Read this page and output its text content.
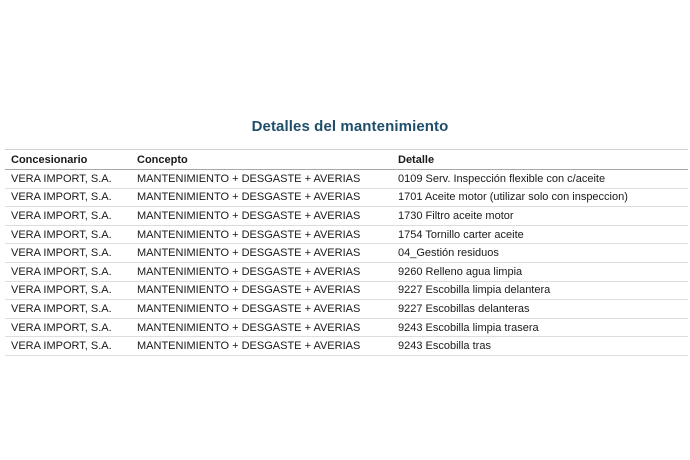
Detalles del mantenimiento
Concesionario	Concepto	Detalle
VERA IMPORT, S.A.	MANTENIMIENTO + DESGASTE + AVERIAS	0109 Serv. Inspección flexible con c/aceite
VERA IMPORT, S.A.	MANTENIMIENTO + DESGASTE + AVERIAS	1701 Aceite motor (utilizar solo con inspeccion)
VERA IMPORT, S.A.	MANTENIMIENTO + DESGASTE + AVERIAS	1730 Filtro aceite motor
VERA IMPORT, S.A.	MANTENIMIENTO + DESGASTE + AVERIAS	1754 Tornillo carter aceite
VERA IMPORT, S.A.	MANTENIMIENTO + DESGASTE + AVERIAS	04_Gestión residuos
VERA IMPORT, S.A.	MANTENIMIENTO + DESGASTE + AVERIAS	9260 Relleno agua limpia
VERA IMPORT, S.A.	MANTENIMIENTO + DESGASTE + AVERIAS	9227 Escobilla limpia delantera
VERA IMPORT, S.A.	MANTENIMIENTO + DESGASTE + AVERIAS	9227 Escobillas delanteras
VERA IMPORT, S.A.	MANTENIMIENTO + DESGASTE + AVERIAS	9243 Escobilla limpia trasera
VERA IMPORT, S.A.	MANTENIMIENTO + DESGASTE + AVERIAS	9243 Escobilla tras
